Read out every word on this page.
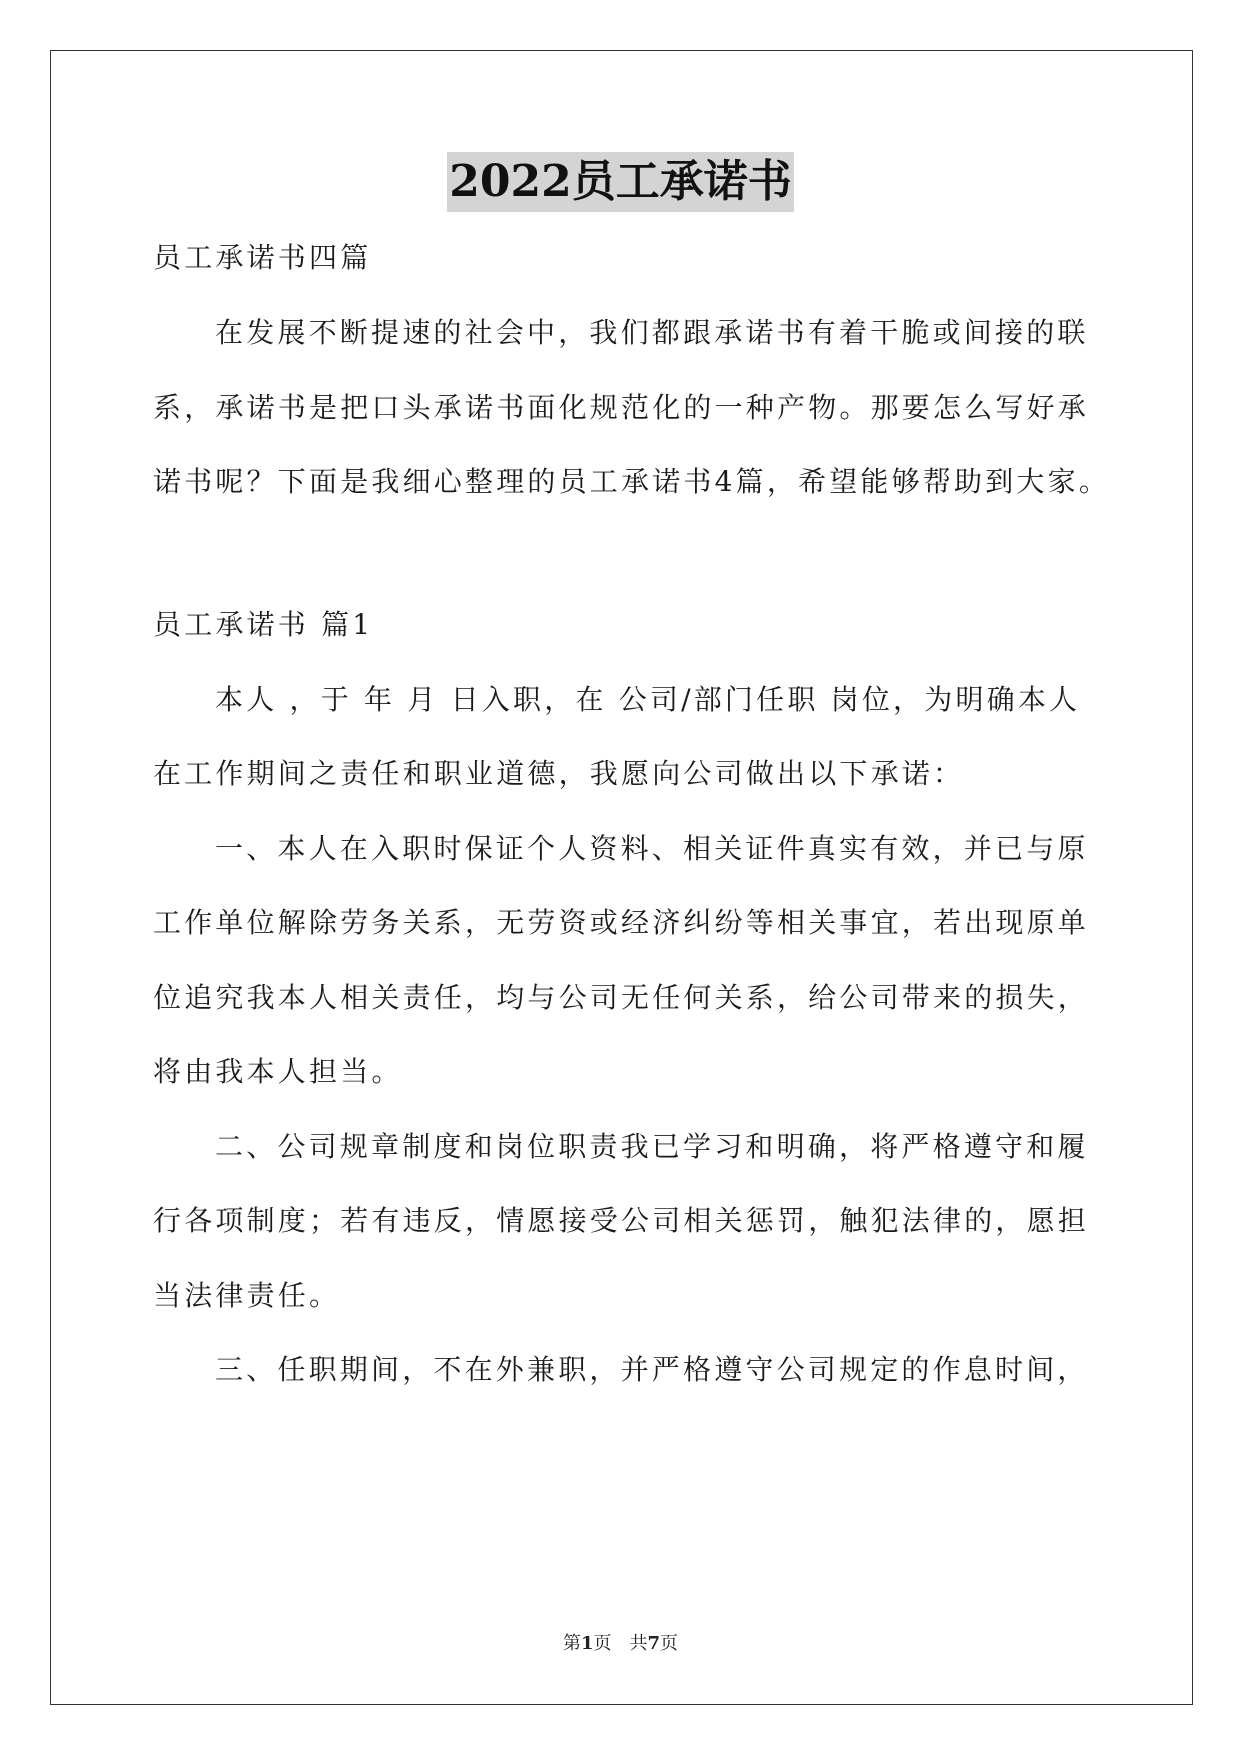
2022员工承诺书
员工承诺书四篇
在发展不断提速的社会中，我们都跟承诺书有着干脆或间接的联
系，承诺书是把口头承诺书面化规范化的一种产物。那要怎么写好承
诺书呢？下面是我细心整理的员工承诺书4篇，希望能够帮助到大家。
员工承诺书 篇1
本人 ，于 年 月 日入职，在 公司/部门任职 岗位，为明确本人
在工作期间之责任和职业道德，我愿向公司做出以下承诺：
一、本人在入职时保证个人资料、相关证件真实有效，并已与原
工作单位解除劳务关系，无劳资或经济纠纷等相关事宜，若出现原单
位追究我本人相关责任，均与公司无任何关系，给公司带来的损失，
将由我本人担当。
二、公司规章制度和岗位职责我已学习和明确，将严格遵守和履
行各项制度；若有违反，情愿接受公司相关惩罚，触犯法律的，愿担
当法律责任。
三、任职期间，不在外兼职，并严格遵守公司规定的作息时间，
第1页　共7页
